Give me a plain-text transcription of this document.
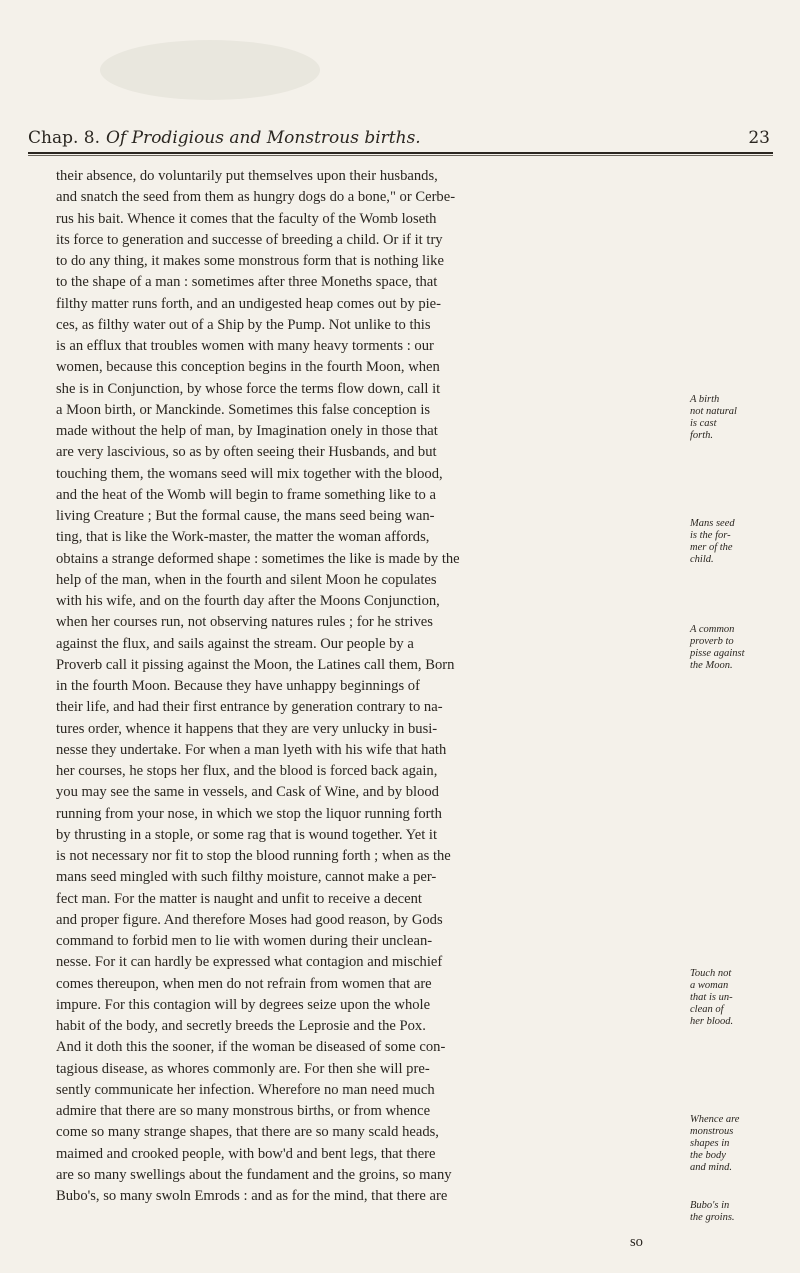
Chap. 8. Of Prodigious and Monstrous births.	23
their absence, do voluntarily put themselves upon their husbands,
and snatch the seed from them as hungry dogs do a bone," or Cerbe-
rus his bait. Whence it comes that the faculty of the Womb loseth
its force to generation and successe of breeding a child. Or if it try
to do any thing, it makes some monstrous form that is nothing like
to the shape of a man : sometimes after three Moneths space, that
filthy matter runs forth, and an undigested heap comes out by pie-
ces, as filthy water out of a Ship by the Pump. Not unlike to this
is an efflux that troubles women with many heavy torments : our
women, because this conception begins in the fourth Moon, when
she is in Conjunction, by whose force the terms flow down, call it
a Moon birth, or Manckinde. Sometimes this false conception is
made without the help of man, by Imagination onely in those that
are very lascivious, so as by often seeing their Husbands, and but
touching them, the womans seed will mix together with the blood,
and the heat of the Womb will begin to frame something like to a
living Creature ; But the formal cause, the mans seed being wan-
ting, that is like the Work-master, the matter the woman affords,
obtains a strange deformed shape : sometimes the like is made by the
help of the man, when in the fourth and silent Moon he copulates
with his wife, and on the fourth day after the Moons Conjunction,
when her courses run, not observing natures rules ; for he strives
against the flux, and sails against the stream. Our people by a
Proverb call it pissing against the Moon, the Latines call them, Born
in the fourth Moon. Because they have unhappy beginnings of
their life, and had their first entrance by generation contrary to na-
tures order, whence it happens that they are very unlucky in busi-
nesse they undertake. For when a man lyeth with his wife that hath
her courses, he stops her flux, and the blood is forced back again,
you may see the same in vessels, and Cask of Wine, and by blood
running from your nose, in which we stop the liquor running forth
by thrusting in a stople, or some rag that is wound together. Yet it
is not necessary nor fit to stop the blood running forth ; when as the
mans seed mingled with such filthy moisture, cannot make a per-
fect man. For the matter is naught and unfit to receive a decent
and proper figure. And therefore Moses had good reason, by Gods
command to forbid men to lie with women during their unclean-
nesse. For it can hardly be expressed what contagion and mischief
comes thereupon, when men do not refrain from women that are
impure. For this contagion will by degrees seize upon the whole
habit of the body, and secretly breeds the Leprosie and the Pox.
And it doth this the sooner, if the woman be diseased of some con-
tagious disease, as whores commonly are. For then she will pre-
sently communicate her infection. Wherefore no man need much
admire that there are so many monstrous births, or from whence
come so many strange shapes, that there are so many scald heads,
maimed and crooked people, with bow'd and bent legs, that there
are so many swellings about the fundament and the groins, so many
Bubo's, so many swoln Emrods : and as for the mind, that there are
so
A birth
not natural
is cast
forth.
Mans seed
is the for-
mer of the
child.
A common
proverb to
pisse against
the Moon.
Touch not
a woman
that is un-
clean of
her blood.
Whence are
monstrous
shapes in
the body
and mind.
Bubo's in
the groins.
